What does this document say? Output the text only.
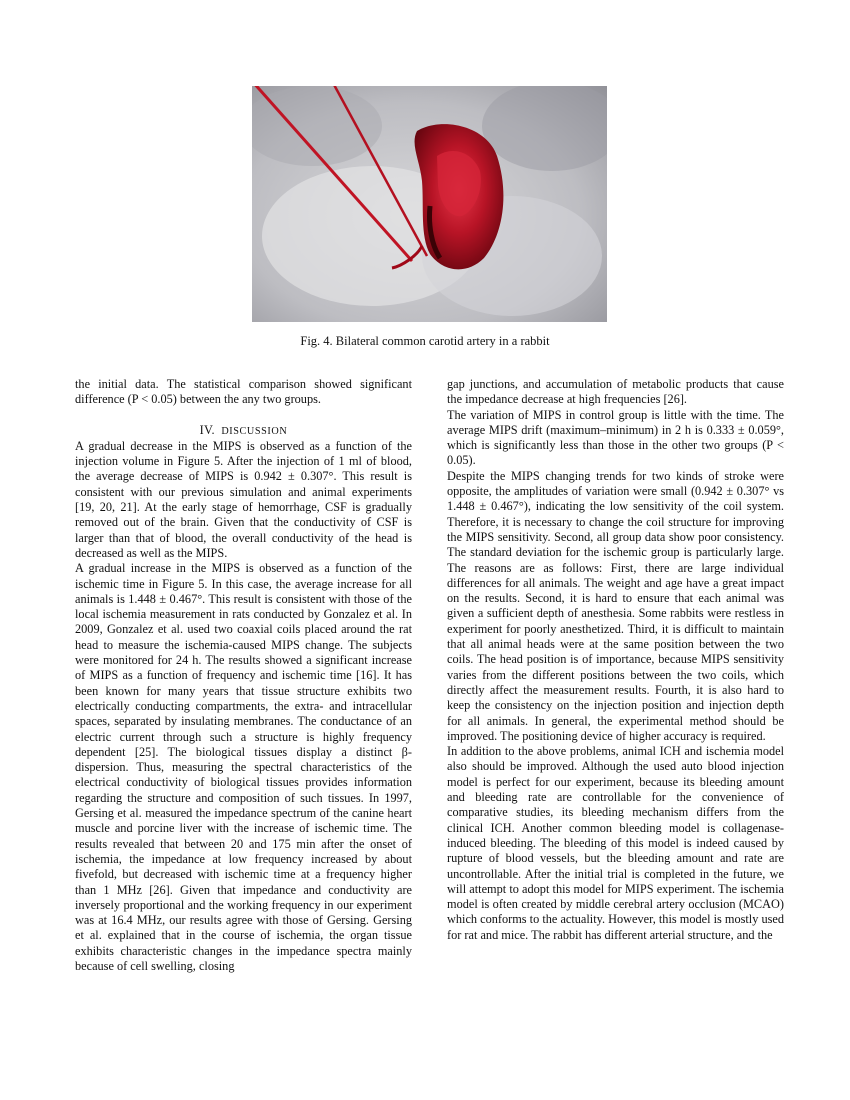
Fig. 4. Bilateral common carotid artery in a rabbit

the initial data. The statistical comparison showed significant difference (P < 0.05) between the any two groups.

IV. DISCUSSION

A gradual decrease in the MIPS is observed as a function of the injection volume in Figure 5. After the injection of 1 ml of blood, the average decrease of MIPS is 0.942 ± 0.307°. This result is consistent with our previous simulation and animal experiments [19, 20, 21]. At the early stage of hemorrhage, CSF is gradually removed out of the brain. Given that the conductivity of CSF is larger than that of blood, the overall conductivity of the head is decreased as well as the MIPS.

A gradual increase in the MIPS is observed as a function of the ischemic time in Figure 5. In this case, the average increase for all animals is 1.448 ± 0.467°. This result is consistent with those of the local ischemia measurement in rats conducted by Gonzalez et al. In 2009, Gonzalez et al. used two coaxial coils placed around the rat head to measure the ischemia-caused MIPS change. The subjects were monitored for 24 h. The results showed a significant increase of MIPS as a function of frequency and ischemic time [16]. It has been known for many years that tissue structure exhibits two electrically conducting compartments, the extra- and intracellular spaces, separated by insulating membranes. The conductance of an electric current through such a structure is highly frequency dependent [25]. The biological tissues display a distinct β-dispersion. Thus, measuring the spectral characteristics of the electrical conductivity of biological tissues provides information regarding the structure and composition of such tissues. In 1997, Gersing et al. measured the impedance spectrum of the canine heart muscle and porcine liver with the increase of ischemic time. The results revealed that between 20 and 175 min after the onset of ischemia, the impedance at low frequency increased by about fivefold, but decreased with ischemic time at a frequency higher than 1 MHz [26]. Given that impedance and conductivity are inversely proportional and the working frequency in our experiment was at 16.4 MHz, our results agree with those of Gersing. Gersing et al. explained that in the course of ischemia, the organ tissue exhibits characteristic changes in the impedance spectra mainly because of cell swelling, closing

gap junctions, and accumulation of metabolic products that cause the impedance decrease at high frequencies [26].

The variation of MIPS in control group is little with the time. The average MIPS drift (maximum–minimum) in 2 h is 0.333 ± 0.059°, which is significantly less than those in the other two groups (P < 0.05).

Despite the MIPS changing trends for two kinds of stroke were opposite, the amplitudes of variation were small (0.942 ± 0.307° vs 1.448 ± 0.467°), indicating the low sensitivity of the coil system. Therefore, it is necessary to change the coil structure for improving the MIPS sensitivity. Second, all group data show poor consistency. The standard deviation for the ischemic group is particularly large. The reasons are as follows: First, there are large individual differences for all animals. The weight and age have a great impact on the results. Second, it is hard to ensure that each animal was given a sufficient depth of anesthesia. Some rabbits were restless in experiment for poorly anesthetized. Third, it is difficult to maintain that all animal heads were at the same position between the two coils. The head position is of importance, because MIPS sensitivity varies from the different positions between the two coils, which directly affect the measurement results. Fourth, it is also hard to keep the consistency on the injection position and injection depth for all animals. In general, the experimental method should be improved. The positioning device of higher accuracy is required.

In addition to the above problems, animal ICH and ischemia model also should be improved. Although the used auto blood injection model is perfect for our experiment, because its bleeding amount and bleeding rate are controllable for the convenience of comparative studies, its bleeding mechanism differs from the clinical ICH. Another common bleeding model is collagenase-induced bleeding. The bleeding of this model is indeed caused by rupture of blood vessels, but the bleeding amount and rate are uncontrollable. After the initial trial is completed in the future, we will attempt to adopt this model for MIPS experiment. The ischemia model is often created by middle cerebral artery occlusion (MCAO) which conforms to the actuality. However, this model is mostly used for rat and mice. The rabbit has different arterial structure, and the
